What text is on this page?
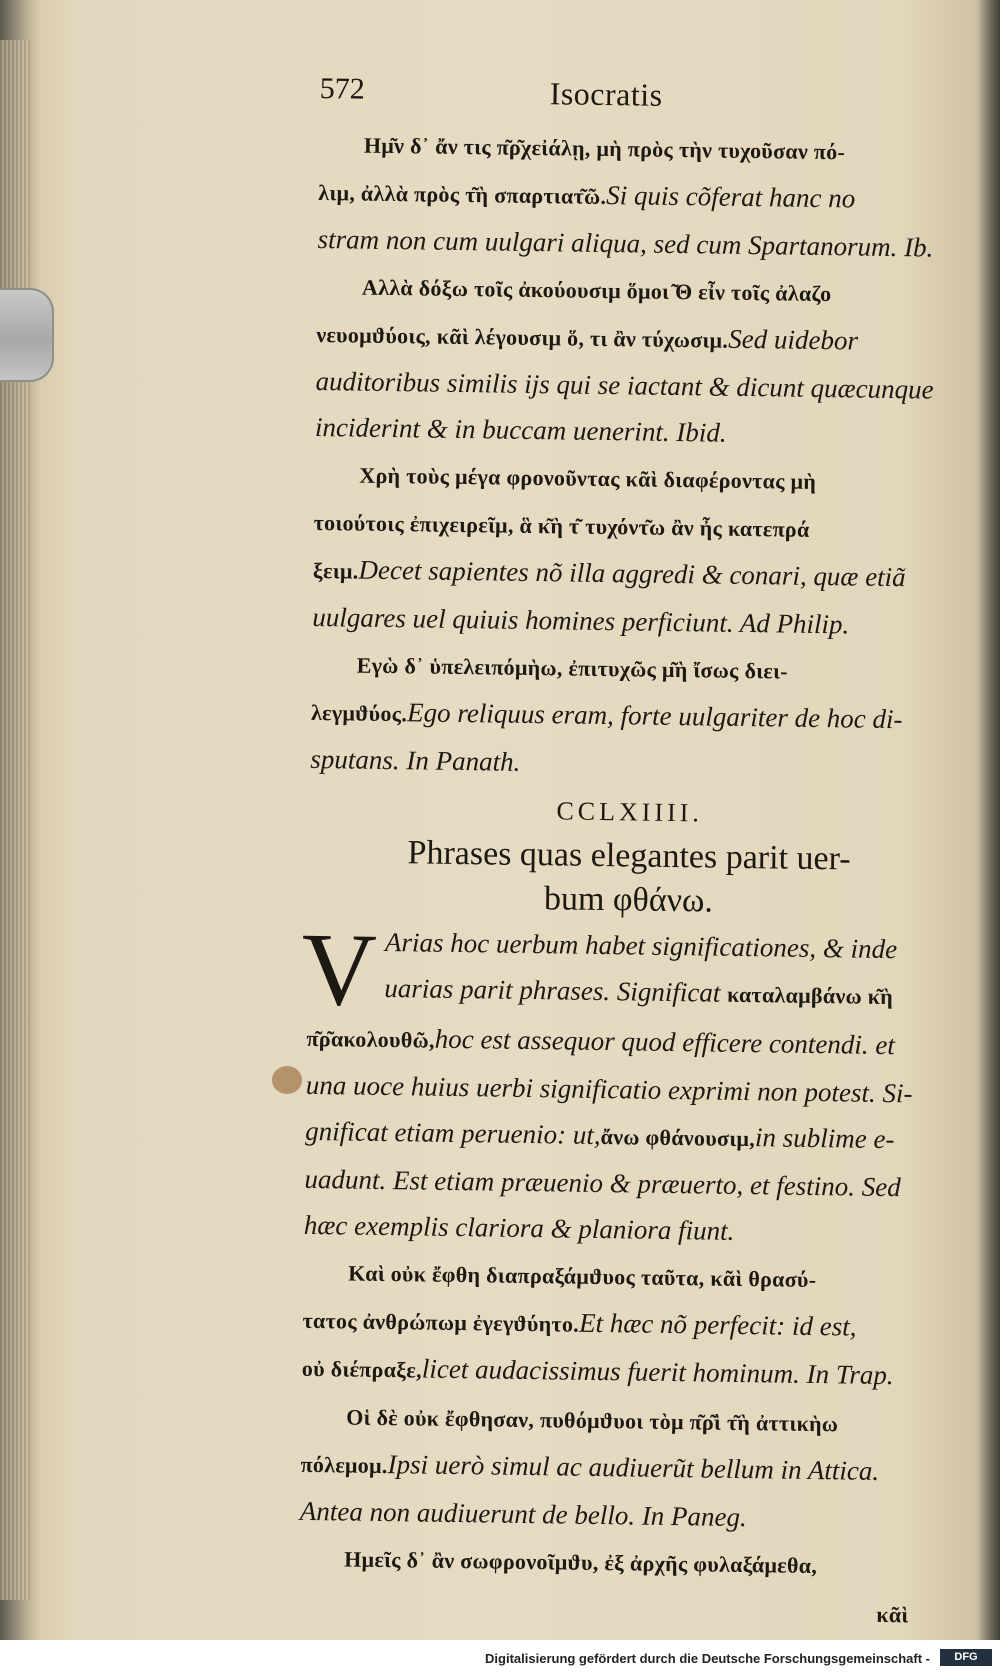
572	Isocratis
Ημ͂ν δ᾽ ἄν τις π͂ρ͂χεἰάλῃ, μὴ πρὸς τὴν τυχοῦσαν πό-
λιμ, ἀλλὰ πρὸς τ͂ὴ σπαρτιατ͂ῶ.Si quis cõferat hanc no
stram non cum uulgari aliqua, sed cum Spartanorum. Ib.
Αλλὰ δόξω τοῖς ἀκούουσιμ ὅμοι ͂Θ εἶν τοῖς ἀλαζο
νευομϑύοις, κᾶὶ λέγουσιμ ὅ, τι ἂν τύχωσιμ.Sed uidebor
auditoribus similis ijs qui se iactant & dicunt quæcunque
inciderint & in buccam uenerint. Ibid.
Χρὴ τοὺς μέγα φρονοῦντας κᾶὶ διαφέροντας μὴ
τοιούτοις ἐπιχειρεῖμ, ἃ κ͂ὴ τ͂ τυχόντ͂ω ἂν ἦς κατεπρά
ξειμ.Decet sapientes nõ illa aggredi & conari, quæ etiã
uulgares uel quiuis homines perficiunt. Ad Philip.
Εγὼ δ᾽ ὑπελειπόμὴω, ἐπιτυχῶς μ͂ὴ ἴσως διει-
λεγμϑύος.Ego reliquus eram, forte uulgariter de hoc di-
sputans. In Panath.
CCLXIIII.
Phrases quas elegantes parit uer-
bum φθάνω.
V Arias hoc uerbum habet significationes, & inde
uarias parit phrases. Significat καταλαμβάνω κ͂ὴ
π͂ρ͂ακολουθῶ,hoc est assequor quod efficere contendi. et
una uoce huius uerbi significatio exprimi non potest. Si-
gnificat etiam peruenio: ut,ἄνω φθάνουσιμ,in sublime e-
uadunt. Est etiam præuenio & præuerto, et festino. Sed
hæc exemplis clariora & planiora fiunt.
Καὶ οὐκ ἔφθη διαπραξάμϑυος ταῦτα, κᾶὶ θρασύ-
τατος ἀνθρώπωμ ἐγεγϑύητο.Et hæc nõ perfecit: id est,
οὐ διέπραξε,licet audacissimus fuerit hominum. In Trap.
Οἱ δὲ οὐκ ἔφθησαν, πυθόμϑυοι τὸμ π͂ρ͂ὶ τ͂ὴ ἀττικὴω
πόλεμομ.Ipsi uerò simul ac audiuerũt bellum in Attica.
Antea non audiuerunt de bello. In Paneg.
Ημεῖς δ᾽ ἂν σωφρονοῖμϑυ, ἐξ ἀρχῆς φυλαξάμεθα,
κᾶὶ
Digitalisierung gefördert durch die Deutsche Forschungsgemeinschaft -	DFG
